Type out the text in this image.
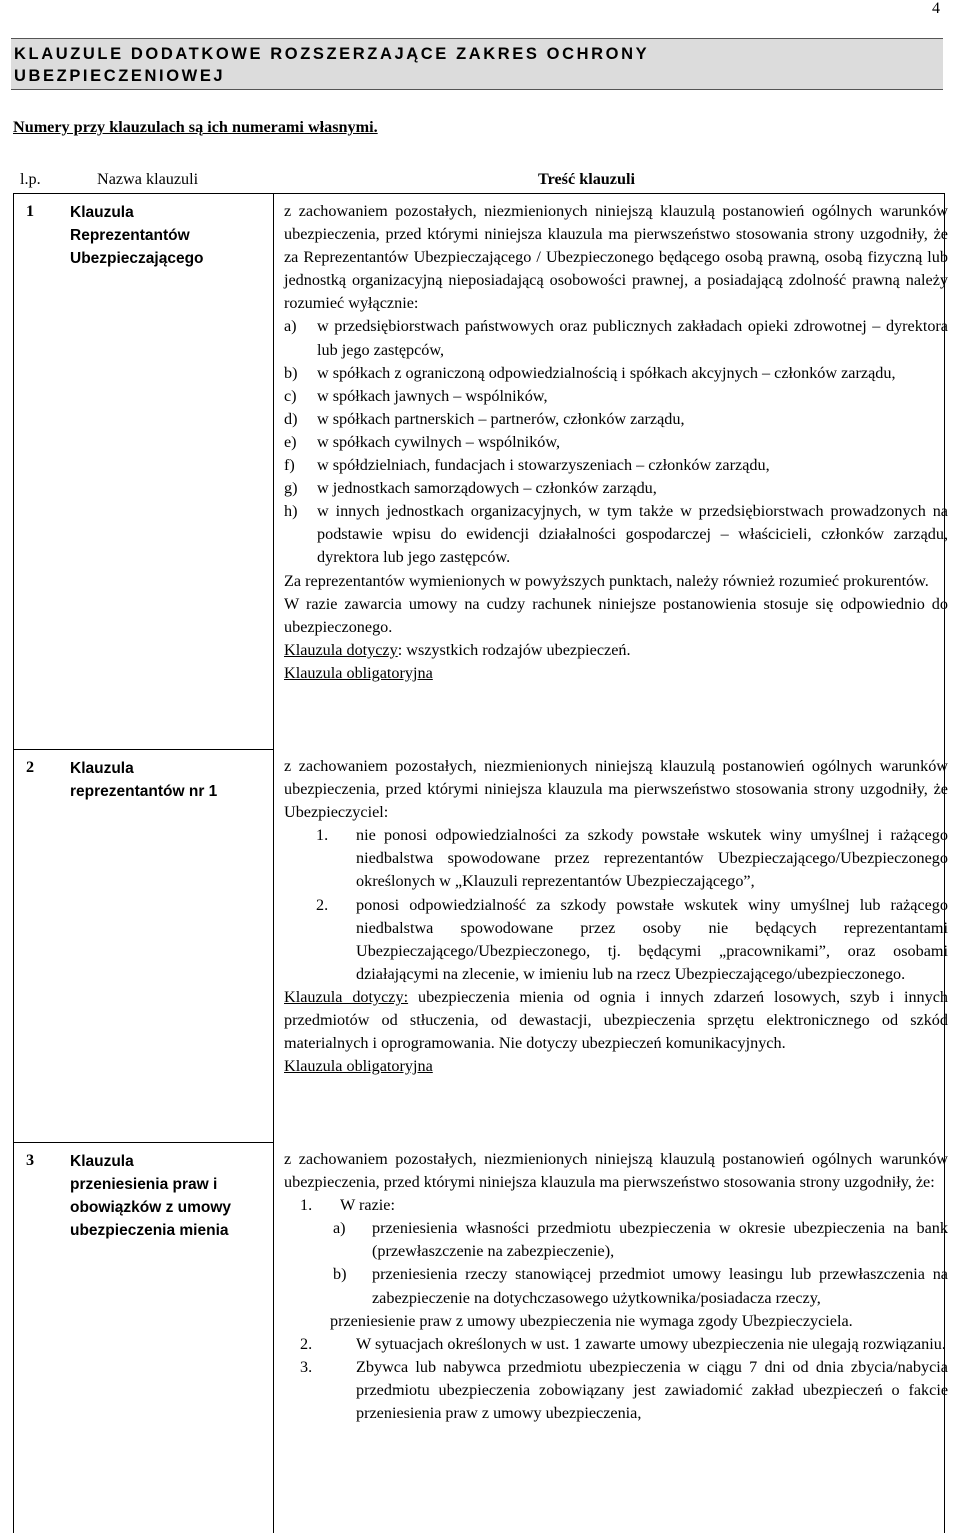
4

KLAUZULE DODATKOWE ROZSZERZAJĄCE ZAKRES OCHRONY

UBEZPIECZENIOWEJ

Numery przy klauzulach są ich numerami własnymi.
l.p.	Nazwa klauzuli	Treść klauzuli
1 Klauzula
Reprezentantów
Ubezpieczającego

z zachowaniem pozostałych, niezmienionych niniejszą klauzulą postanowień ogólnych warunków ubezpieczenia, przed którymi niniejsza klauzula ma pierwszeństwo stosowania strony uzgodniły, że za Reprezentantów Ubezpieczającego / Ubezpieczonego będącego osobą prawną, osobą fizyczną lub jednostką organizacyjną nieposiadającą osobowości prawnej, a posiadającą zdolność prawną należy rozumieć wyłącznie:

a)	w przedsiębiorstwach państwowych oraz publicznych zakładach opieki zdrowotnej – dyrektora lub jego zastępców,
b)	w spółkach z ograniczoną odpowiedzialnością i spółkach akcyjnych – członków zarządu,
c)	w spółkach jawnych – wspólników,
d)	w spółkach partnerskich – partnerów, członków zarządu,
e)	w spółkach cywilnych – wspólników,
f)	w spółdzielniach, fundacjach i stowarzyszeniach – członków zarządu,
g)	w jednostkach samorządowych – członków zarządu,
h)	w innych jednostkach organizacyjnych, w tym także w przedsiębiorstwach prowadzonych na podstawie wpisu do ewidencji działalności gospodarczej – właścicieli, członków zarządu, dyrektora lub jego zastępców.

Za reprezentantów wymienionych w powyższych punktach, należy również rozumieć prokurentów.

W razie zawarcia umowy na cudzy rachunek niniejsze postanowienia stosuje się odpowiednio do ubezpieczonego.

Klauzula dotyczy: wszystkich rodzajów ubezpieczeń.

Klauzula obligatoryjna

2 Klauzula
reprezentantów nr 1

z zachowaniem pozostałych, niezmienionych niniejszą klauzulą postanowień ogólnych warunków ubezpieczenia, przed którymi niniejsza klauzula ma pierwszeństwo stosowania strony uzgodniły, że Ubezpieczyciel:

1.	nie ponosi odpowiedzialności za szkody powstałe wskutek winy umyślnej i rażącego niedbalstwa spowodowane przez reprezentantów Ubezpieczającego/Ubezpieczonego określonych w „Klauzuli reprezentantów Ubezpieczającego”,
2.	ponosi odpowiedzialność za szkody powstałe wskutek winy umyślnej lub rażącego niedbalstwa spowodowane przez osoby nie będących reprezentantami Ubezpieczającego/Ubezpieczonego, tj. będącymi „pracownikami”, oraz osobami działającymi na zlecenie, w imieniu lub na rzecz Ubezpieczającego/ubezpieczonego.

Klauzula dotyczy: ubezpieczenia mienia od ognia i innych zdarzeń losowych, szyb i innych przedmiotów od stłuczenia, od dewastacji, ubezpieczenia sprzętu elektronicznego od szkód materialnych i oprogramowania. Nie dotyczy ubezpieczeń komunikacyjnych.

Klauzula obligatoryjna

3 Klauzula
przeniesienia praw i
obowiązków z umowy
ubezpieczenia mienia

z zachowaniem pozostałych, niezmienionych niniejszą klauzulą postanowień ogólnych warunków ubezpieczenia, przed którymi niniejsza klauzula ma pierwszeństwo stosowania strony uzgodniły, że:

1. W razie:
a)	przeniesienia własności przedmiotu ubezpieczenia w okresie ubezpieczenia na bank (przewłaszczenie na zabezpieczenie),
b)	przeniesienia rzeczy stanowiącej przedmiot umowy leasingu lub przewłaszczenia na zabezpieczenie na dotychczasowego użytkownika/posiadacza rzeczy,

przeniesienie praw z umowy ubezpieczenia nie wymaga zgody Ubezpieczyciela.

2.	W sytuacjach określonych w ust. 1 zawarte umowy ubezpieczenia nie ulegają rozwiązaniu.
3.	Zbywca lub nabywca przedmiotu ubezpieczenia w ciągu 7 dni od dnia zbycia/nabycia przedmiotu ubezpieczenia zobowiązany jest zawiadomić zakład ubezpieczeń o fakcie przeniesienia praw z umowy ubezpieczenia,
